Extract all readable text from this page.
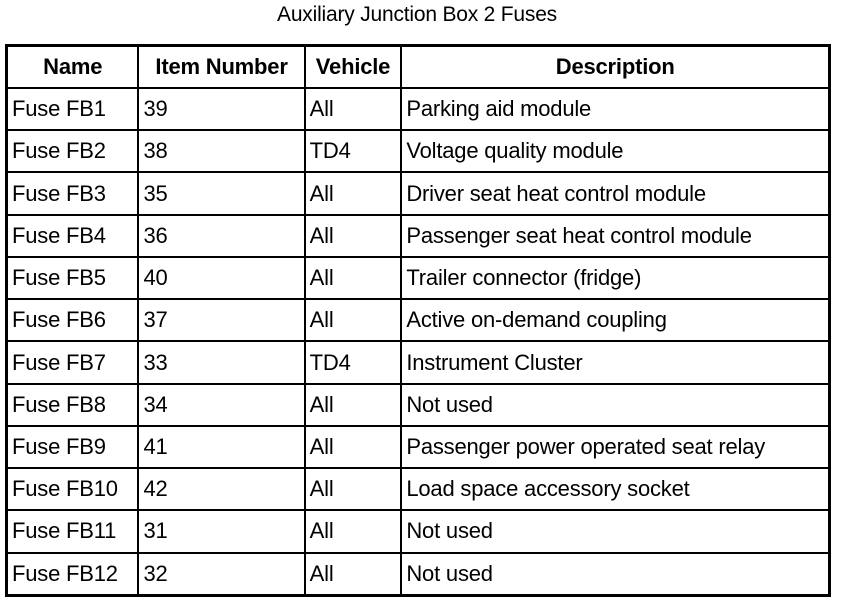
Auxiliary Junction Box 2 Fuses
Name	Item Number	Vehicle	Description
Fuse FB1	39	All	Parking aid module
Fuse FB2	38	TD4	Voltage quality module
Fuse FB3	35	All	Driver seat heat control module
Fuse FB4	36	All	Passenger seat heat control module
Fuse FB5	40	All	Trailer connector (fridge)
Fuse FB6	37	All	Active on-demand coupling
Fuse FB7	33	TD4	Instrument Cluster
Fuse FB8	34	All	Not used
Fuse FB9	41	All	Passenger power operated seat relay
Fuse FB10	42	All	Load space accessory socket
Fuse FB11	31	All	Not used
Fuse FB12	32	All	Not used
